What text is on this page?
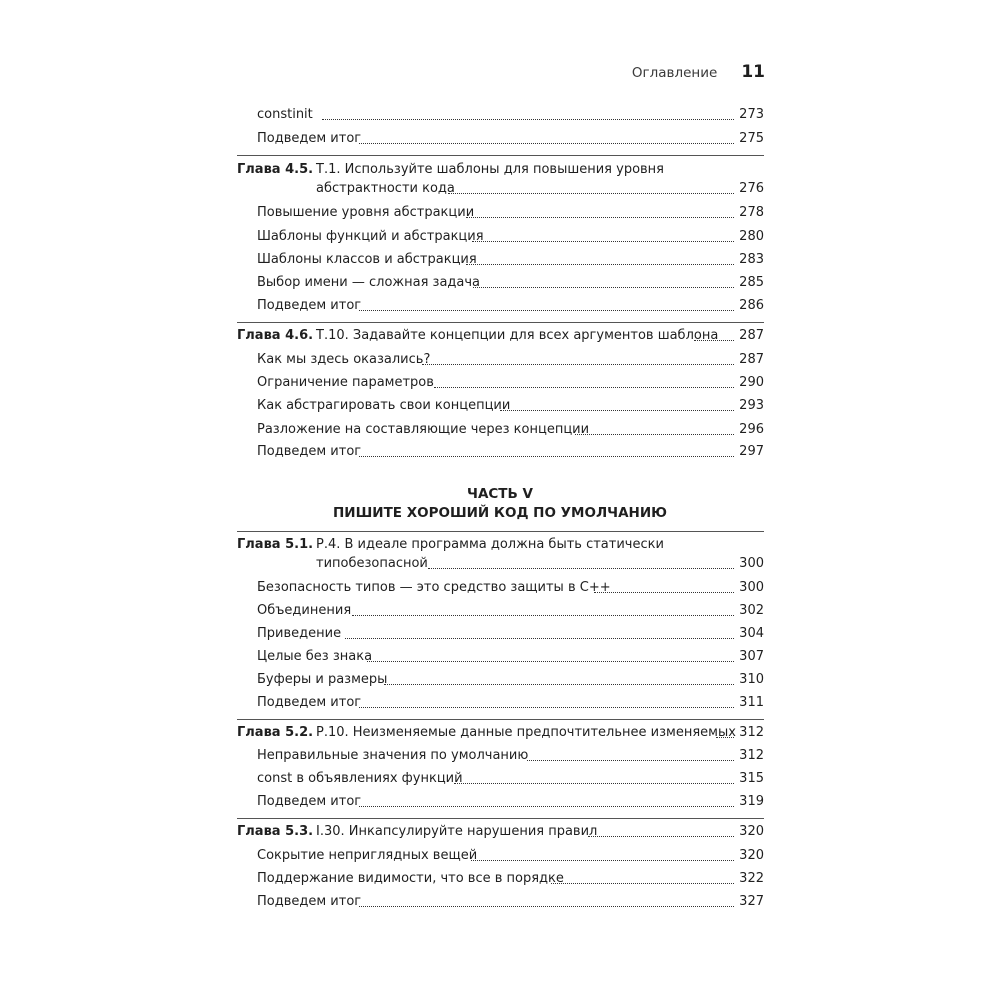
Оглавление 11
constinit	273
Подведем итог	275
Глава 4.5. Т.1. Используйте шаблоны для повышения уровня
абстрактности кода	276
Повышение уровня абстракции	278
Шаблоны функций и абстракция	280
Шаблоны классов и абстракция	283
Выбор имени — сложная задача	285
Подведем итог	286
Глава 4.6. Т.10. Задавайте концепции для всех аргументов шаблона 287
Как мы здесь оказались?	287
Ограничение параметров	290
Как абстрагировать свои концепции	293
Разложение на составляющие через концепции	296
Подведем итог	297
ЧАСТЬ V
ПИШИТЕ ХОРОШИЙ КОД ПО УМОЛЧАНИЮ
Глава 5.1. Р.4. В идеале программа должна быть статически
типобезопасной	300
Безопасность типов — это средство защиты в C++	300
Объединения	302
Приведение	304
Целые без знака	307
Буферы и размеры	310
Подведем итог	311
Глава 5.2. Р.10. Неизменяемые данные предпочтительнее изменяемых 312
Неправильные значения по умолчанию	312
const в объявлениях функций	315
Подведем итог	319
Глава 5.3. I.30. Инкапсулируйте нарушения правил	320
Сокрытие неприглядных вещей	320
Поддержание видимости, что все в порядке	322
Подведем итог	327
